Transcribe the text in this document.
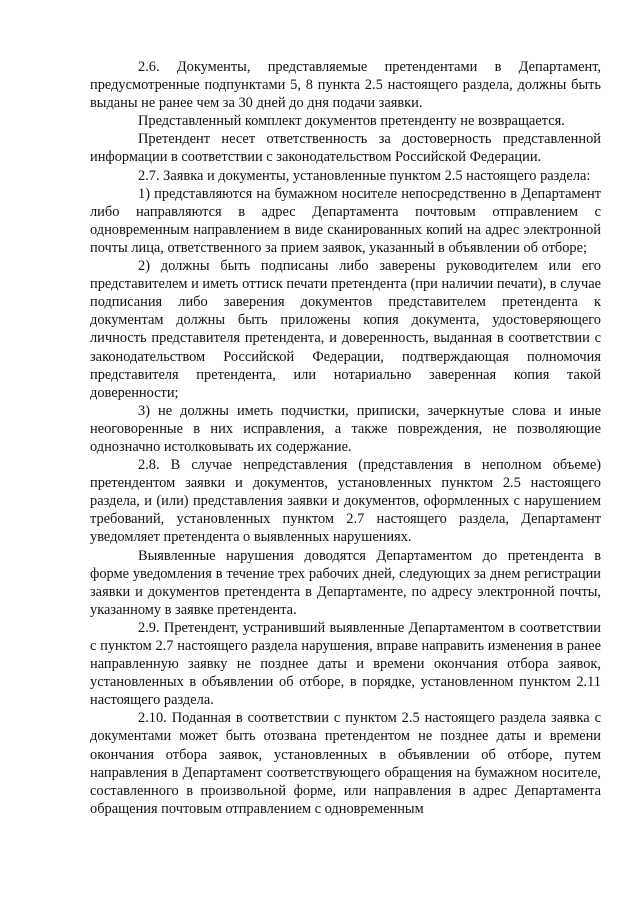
2.6. Документы, представляемые претендентами в Департамент, предусмотренные подпунктами 5, 8 пункта 2.5 настоящего раздела, должны быть выданы не ранее чем за 30 дней до дня подачи заявки.

Представленный комплект документов претенденту не возвращается.

Претендент несет ответственность за достоверность представленной информации в соответствии с законодательством Российской Федерации.

2.7. Заявка и документы, установленные пунктом 2.5 настоящего раздела:

1) представляются на бумажном носителе непосредственно в Департамент либо направляются в адрес Департамента почтовым отправлением с одновременным направлением в виде сканированных копий на адрес электронной почты лица, ответственного за прием заявок, указанный в объявлении об отборе;

2) должны быть подписаны либо заверены руководителем или его представителем и иметь оттиск печати претендента (при наличии печати), в случае подписания либо заверения документов представителем претендента к документам должны быть приложены копия документа, удостоверяющего личность представителя претендента, и доверенность, выданная в соответствии с законодательством Российской Федерации, подтверждающая полномочия представителя претендента, или нотариально заверенная копия такой доверенности;

3) не должны иметь подчистки, приписки, зачеркнутые слова и иные неоговоренные в них исправления, а также повреждения, не позволяющие однозначно истолковывать их содержание.

2.8. В случае непредставления (представления в неполном объеме) претендентом заявки и документов, установленных пунктом 2.5 настоящего раздела, и (или) представления заявки и документов, оформленных с нарушением требований, установленных пунктом 2.7 настоящего раздела, Департамент уведомляет претендента о выявленных нарушениях.

Выявленные нарушения доводятся Департаментом до претендента в форме уведомления в течение трех рабочих дней, следующих за днем регистрации заявки и документов претендента в Департаменте, по адресу электронной почты, указанному в заявке претендента.

2.9. Претендент, устранивший выявленные Департаментом в соответствии с пунктом 2.7 настоящего раздела нарушения, вправе направить изменения в ранее направленную заявку не позднее даты и времени окончания отбора заявок, установленных в объявлении об отборе, в порядке, установленном пунктом 2.11 настоящего раздела.

2.10. Поданная в соответствии с пунктом 2.5 настоящего раздела заявка с документами может быть отозвана претендентом не позднее даты и времени окончания отбора заявок, установленных в объявлении об отборе, путем направления в Департамент соответствующего обращения на бумажном носителе, составленного в произвольной форме, или направления в адрес Департамента обращения почтовым отправлением с одновременным
